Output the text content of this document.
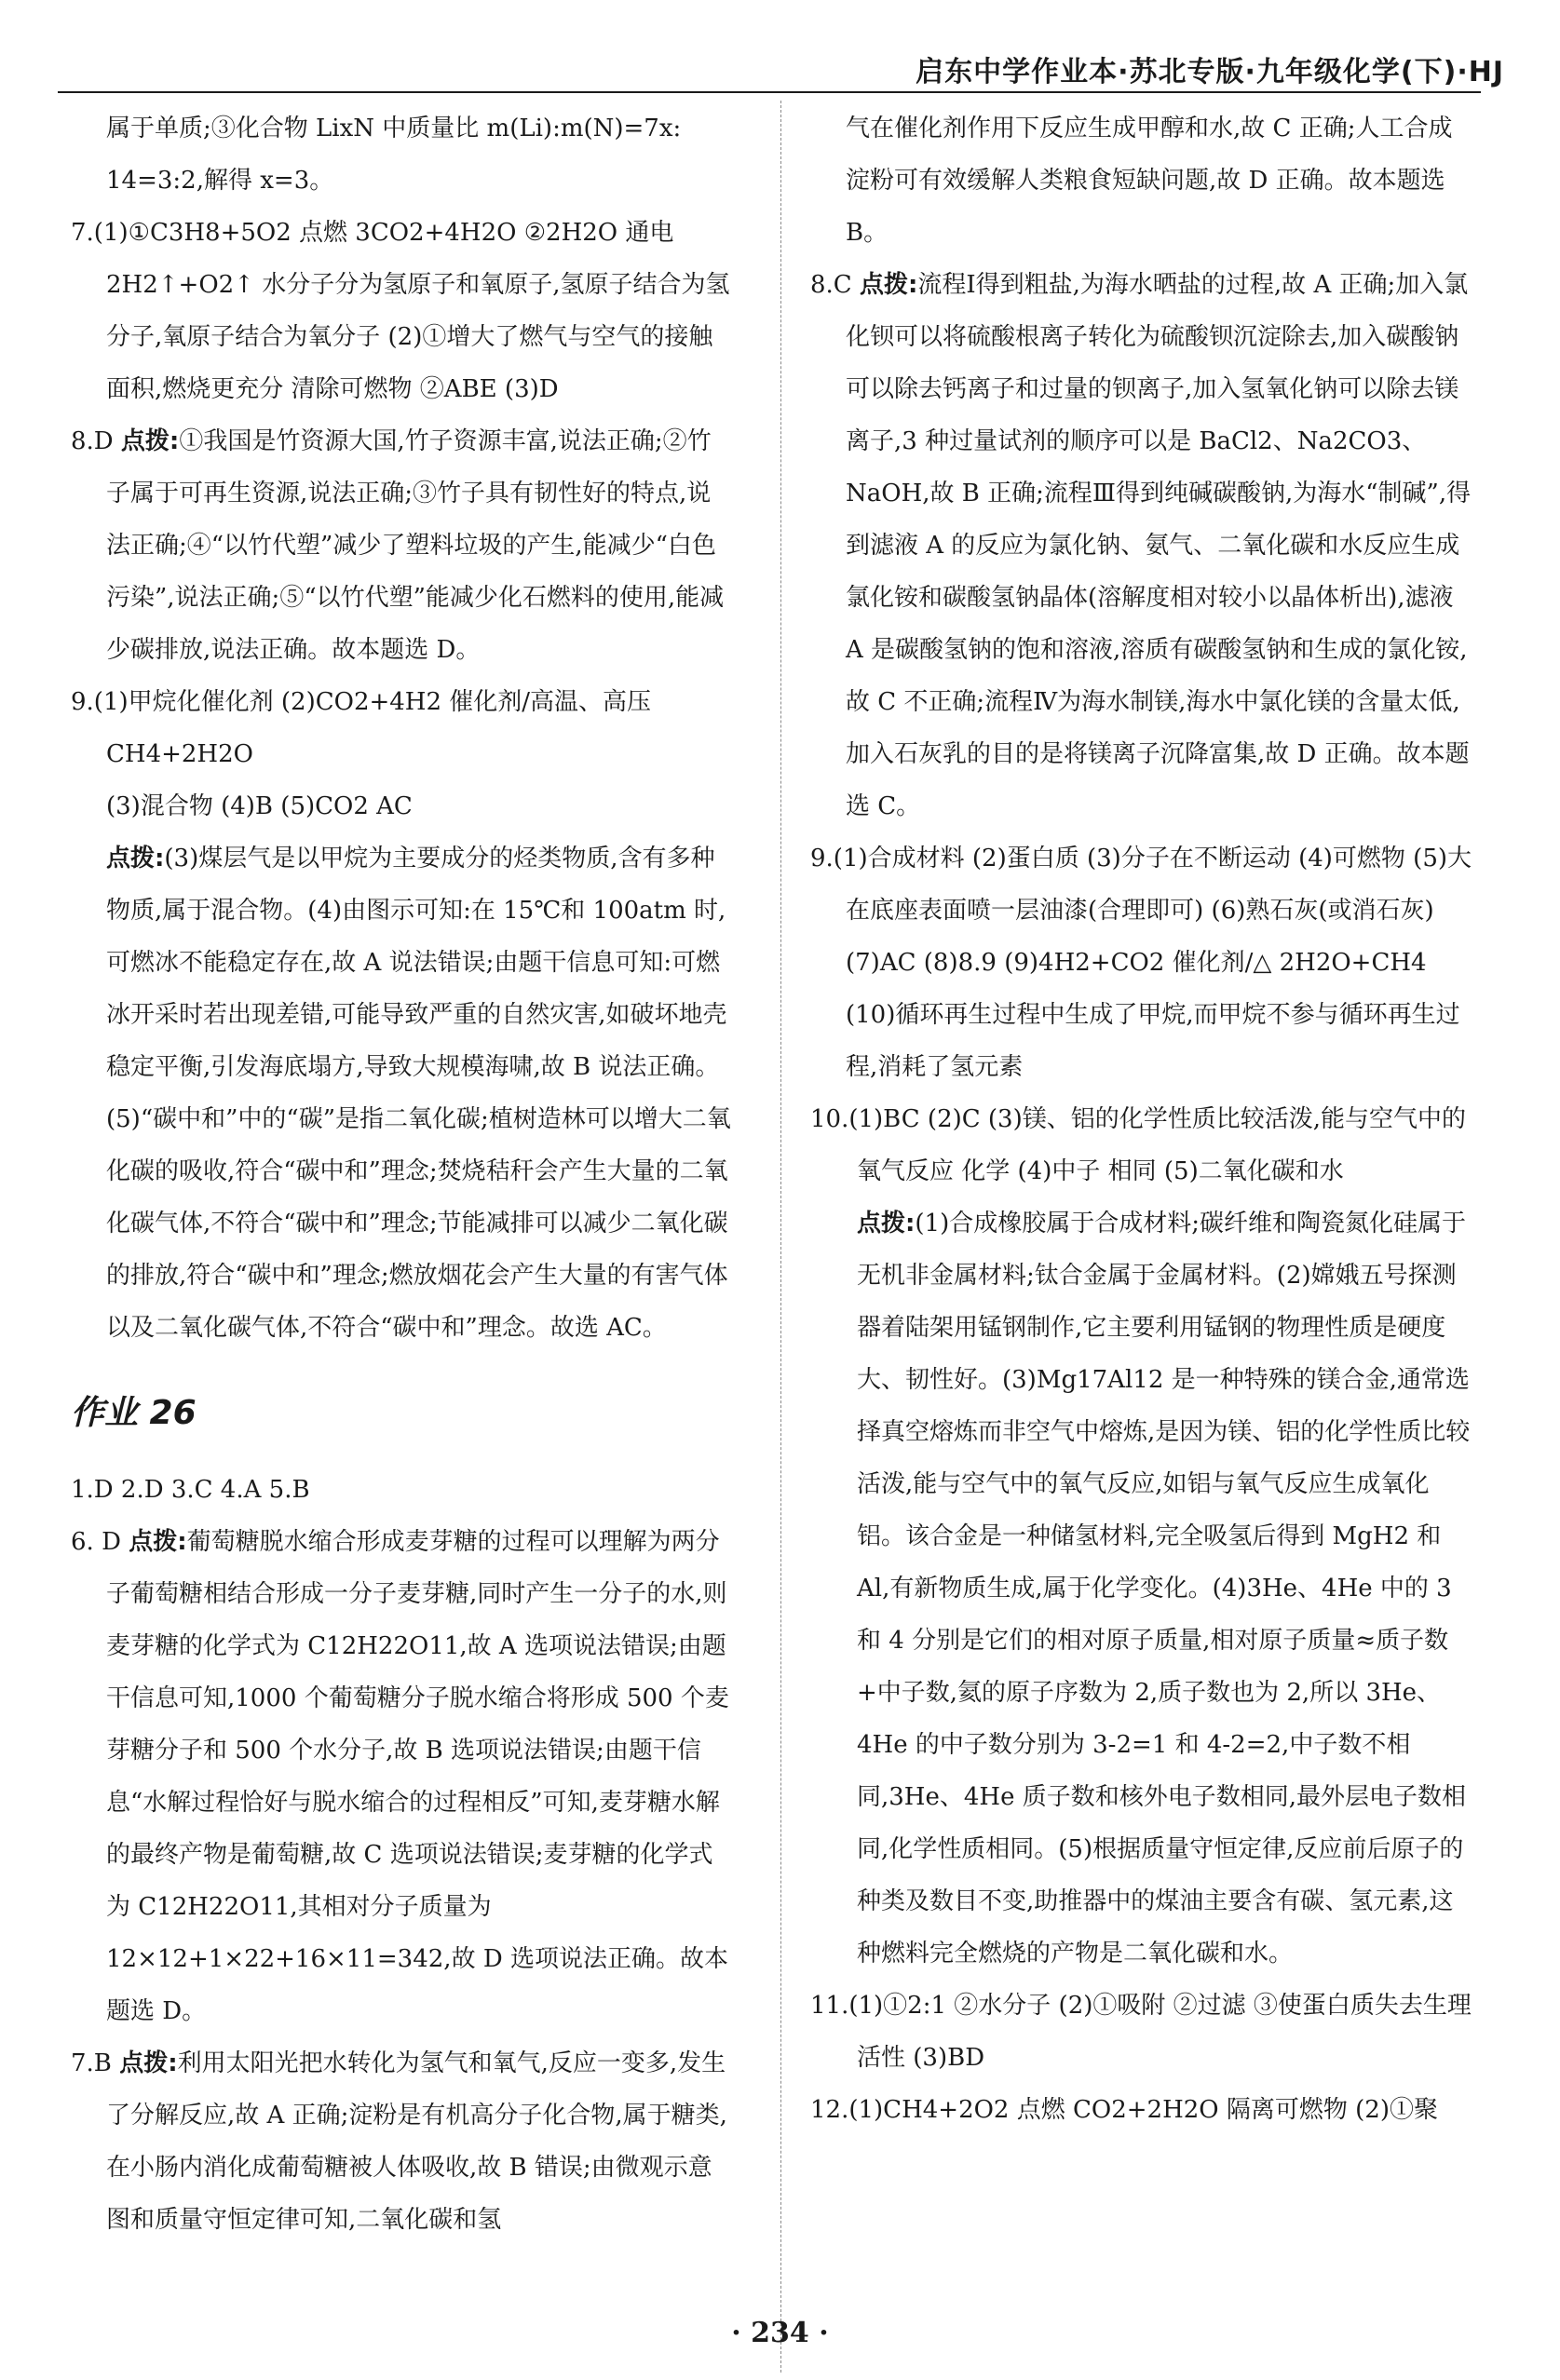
启东中学作业本·苏北专版·九年级化学(下)·HJ

属于单质;③化合物 LixN 中质量比 m(Li):m(N)=7x:

14=3:2,解得 x=3。

7.(1)①C3H8+5O2 点燃 3CO2+4H2O ②2H2O 通电 2H2↑+O2↑ 水分子分为氢原子和氧原子,氢原子结合为氢分子,氧原子结合为氧分子 (2)①增大了燃气与空气的接触面积,燃烧更充分 清除可燃物 ②ABE (3)D

8.D 点拨:①我国是竹资源大国,竹子资源丰富,说法正确;②竹子属于可再生资源,说法正确;③竹子具有韧性好的特点,说法正确;④“以竹代塑”减少了塑料垃圾的产生,能减少“白色污染”,说法正确;⑤“以竹代塑”能减少化石燃料的使用,能减少碳排放,说法正确。故本题选 D。

9.(1)甲烷化催化剂 (2)CO2+4H2 催化剂/高温、高压 CH4+2H2O

(3)混合物 (4)B (5)CO2 AC

点拨:(3)煤层气是以甲烷为主要成分的烃类物质,含有多种物质,属于混合物。(4)由图示可知:在 15℃和 100atm 时,可燃冰不能稳定存在,故 A 说法错误;由题干信息可知:可燃冰开采时若出现差错,可能导致严重的自然灾害,如破坏地壳稳定平衡,引发海底塌方,导致大规模海啸,故 B 说法正确。(5)“碳中和”中的“碳”是指二氧化碳;植树造林可以增大二氧化碳的吸收,符合“碳中和”理念;焚烧秸秆会产生大量的二氧化碳气体,不符合“碳中和”理念;节能减排可以减少二氧化碳的排放,符合“碳中和”理念;燃放烟花会产生大量的有害气体以及二氧化碳气体,不符合“碳中和”理念。故选 AC。

作业 26

1.D 2.D 3.C 4.A 5.B

6. D 点拨:葡萄糖脱水缩合形成麦芽糖的过程可以理解为两分子葡萄糖相结合形成一分子麦芽糖,同时产生一分子的水,则麦芽糖的化学式为 C12H22O11,故 A 选项说法错误;由题干信息可知,1000 个葡萄糖分子脱水缩合将形成 500 个麦芽糖分子和 500 个水分子,故 B 选项说法错误;由题干信息“水解过程恰好与脱水缩合的过程相反”可知,麦芽糖水解的最终产物是葡萄糖,故 C 选项说法错误;麦芽糖的化学式为 C12H22O11,其相对分子质量为 12×12+1×22+16×11=342,故 D 选项说法正确。故本题选 D。

7.B 点拨:利用太阳光把水转化为氢气和氧气,反应一变多,发生了分解反应,故 A 正确;淀粉是有机高分子化合物,属于糖类,在小肠内消化成葡萄糖被人体吸收,故 B 错误;由微观示意图和质量守恒定律可知,二氧化碳和氢

气在催化剂作用下反应生成甲醇和水,故 C 正确;人工合成淀粉可有效缓解人类粮食短缺问题,故 D 正确。故本题选 B。

8.C 点拨:流程Ⅰ得到粗盐,为海水晒盐的过程,故 A 正确;加入氯化钡可以将硫酸根离子转化为硫酸钡沉淀除去,加入碳酸钠可以除去钙离子和过量的钡离子,加入氢氧化钠可以除去镁离子,3 种过量试剂的顺序可以是 BaCl2、Na2CO3、NaOH,故 B 正确;流程Ⅲ得到纯碱碳酸钠,为海水“制碱”,得到滤液 A 的反应为氯化钠、氨气、二氧化碳和水反应生成氯化铵和碳酸氢钠晶体(溶解度相对较小以晶体析出),滤液 A 是碳酸氢钠的饱和溶液,溶质有碳酸氢钠和生成的氯化铵,故 C 不正确;流程Ⅳ为海水制镁,海水中氯化镁的含量太低,加入石灰乳的目的是将镁离子沉降富集,故 D 正确。故本题选 C。

9.(1)合成材料 (2)蛋白质 (3)分子在不断运动 (4)可燃物 (5)大 在底座表面喷一层油漆(合理即可) (6)熟石灰(或消石灰) (7)AC (8)8.9 (9)4H2+CO2 催化剂/△ 2H2O+CH4 (10)循环再生过程中生成了甲烷,而甲烷不参与循环再生过程,消耗了氢元素

10.(1)BC (2)C (3)镁、铝的化学性质比较活泼,能与空气中的氧气反应 化学 (4)中子 相同 (5)二氧化碳和水

点拨:(1)合成橡胶属于合成材料;碳纤维和陶瓷氮化硅属于无机非金属材料;钛合金属于金属材料。(2)嫦娥五号探测器着陆架用锰钢制作,它主要利用锰钢的物理性质是硬度大、韧性好。(3)Mg17Al12 是一种特殊的镁合金,通常选择真空熔炼而非空气中熔炼,是因为镁、铝的化学性质比较活泼,能与空气中的氧气反应,如铝与氧气反应生成氧化铝。该合金是一种储氢材料,完全吸氢后得到 MgH2 和 Al,有新物质生成,属于化学变化。(4)3He、4He 中的 3 和 4 分别是它们的相对原子质量,相对原子质量≈质子数+中子数,氦的原子序数为 2,质子数也为 2,所以 3He、4He 的中子数分别为 3-2=1 和 4-2=2,中子数不相同,3He、4He 质子数和核外电子数相同,最外层电子数相同,化学性质相同。(5)根据质量守恒定律,反应前后原子的种类及数目不变,助推器中的煤油主要含有碳、氢元素,这种燃料完全燃烧的产物是二氧化碳和水。

11.(1)①2:1 ②水分子 (2)①吸附 ②过滤 ③使蛋白质失去生理活性 (3)BD

12.(1)CH4+2O2 点燃 CO2+2H2O 隔离可燃物 (2)①聚

· 234 ·
